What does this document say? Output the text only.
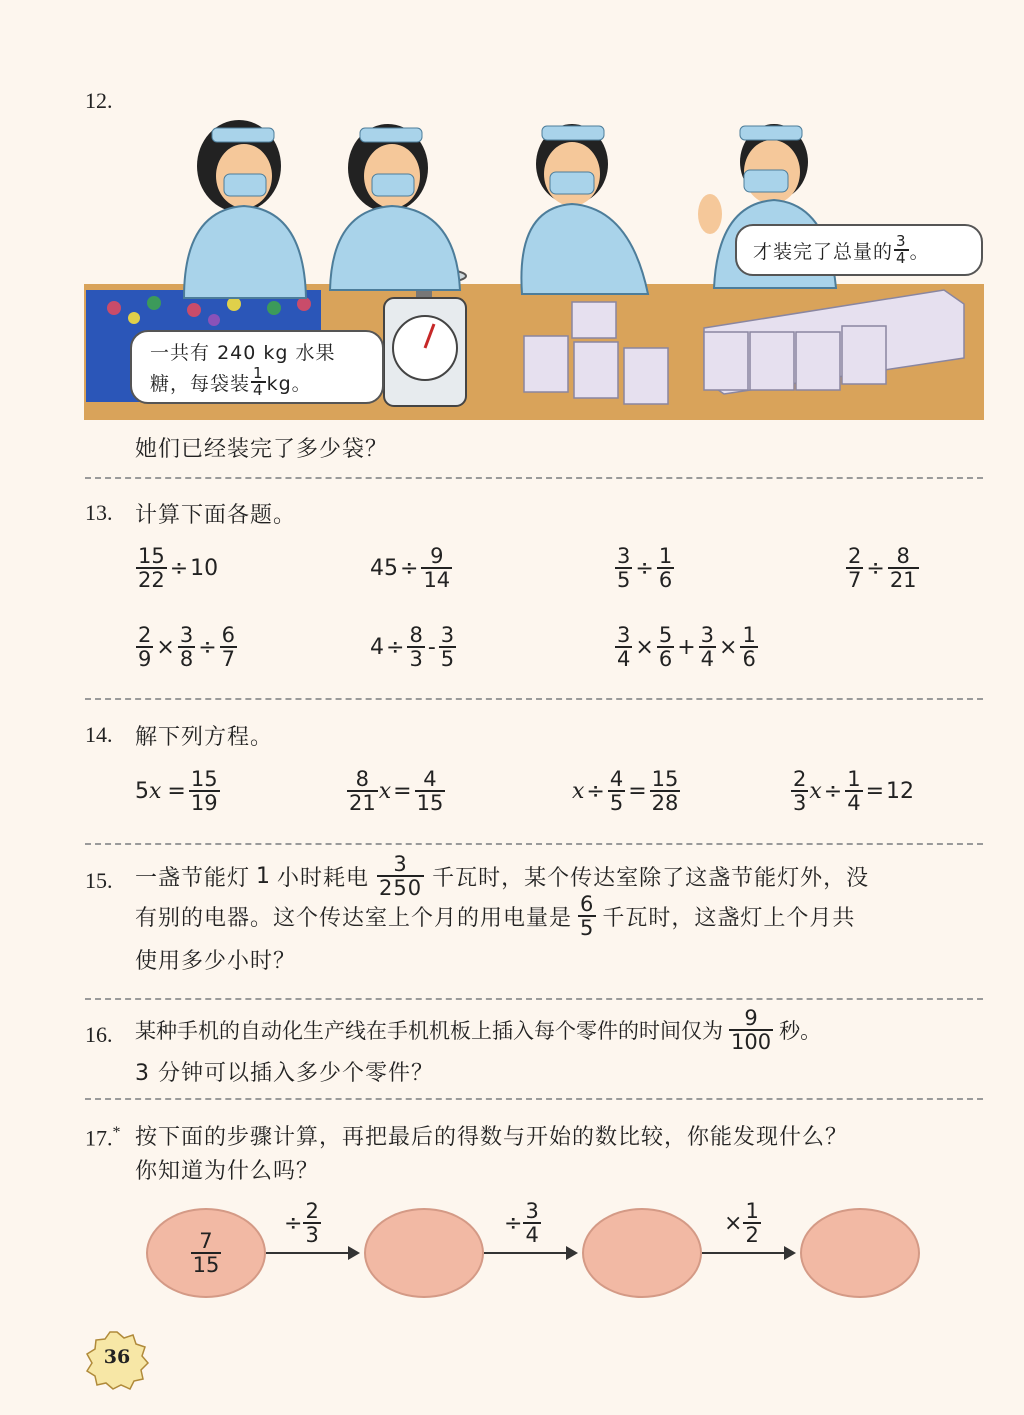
12.
一共有 240 kg 水果
糖，每袋装 $\frac{1}{4}$ kg。
才装完了总量的 $\frac{3}{4}$ 。
她们已经装完了多少袋？
13. 计算下面各题。
$\frac{15}{22} \div 10$	$45 \div \frac{9}{14}$	$\frac{3}{5} \div \frac{1}{6}$	$\frac{2}{7} \div \frac{8}{21}$
$\frac{2}{9} \times \frac{3}{8} \div \frac{6}{7}$	$4 \div \frac{8}{3} - \frac{3}{5}$	$\frac{3}{4} \times \frac{5}{6} + \frac{3}{4} \times \frac{1}{6}$
14. 解下列方程。
5 $x = \frac{15}{19}$	$\frac{8}{21}$ $x = \frac{4}{15}$	$x \div \frac{4}{5} = \frac{15}{28}$	$\frac{2}{3}$ $x \div \frac{1}{4} = 12$
15. 一盏节能灯 1 小时耗电 $\frac{3}{250}$ 千瓦时，某个传达室除了这盏节能灯外，没
有别的电器。这个传达室上个月的用电量是 $\frac{6}{5}$ 千瓦时，这盏灯上个月共
使用多少小时？
16. 某种手机的自动化生产线在手机机板上插入每个零件的时间仅为 $\frac{9}{100}$ 秒。
3 分钟可以插入多少个零件？
17.* 按下面的步骤计算，再把最后的得数与开始的数比较，你能发现什么？
你知道为什么吗？
$\frac{7}{15}$
÷ $\frac{2}{3}$	÷ $\frac{3}{4}$	× $\frac{1}{2}$
36
